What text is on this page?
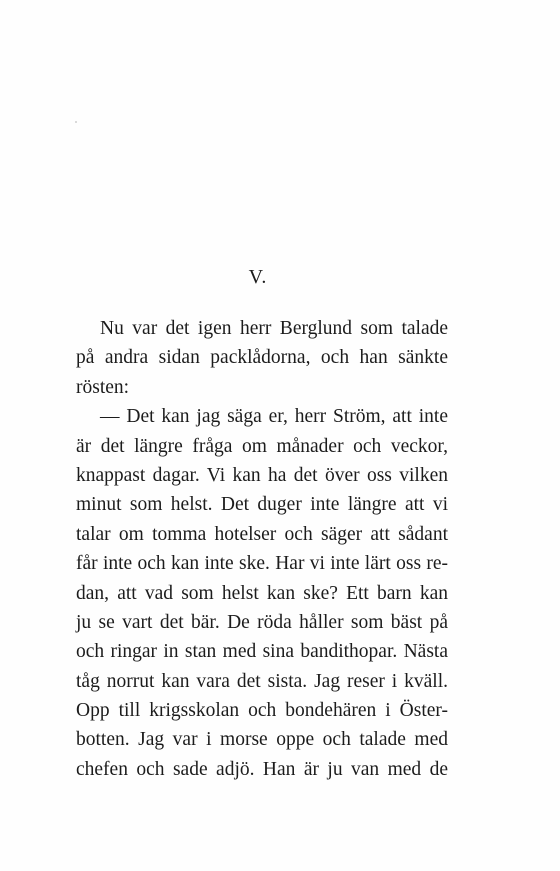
V.
Nu var det igen herr Berglund som talade
på andra sidan packlådorna, och han sänkte
rösten:
— Det kan jag säga er, herr Ström, att inte
är det längre fråga om månader och veckor,
knappast dagar. Vi kan ha det över oss vilken
minut som helst. Det duger inte längre att vi
talar om tomma hotelser och säger att sådant
får inte och kan inte ske. Har vi inte lärt oss re-
dan, att vad som helst kan ske? Ett barn kan
ju se vart det bär. De röda håller som bäst på
och ringar in stan med sina bandithopar. Nästa
tåg norrut kan vara det sista. Jag reser i kväll.
Opp till krigsskolan och bondehären i Öster-
botten. Jag var i morse oppe och talade med
chefen och sade adjö. Han är ju van med de
